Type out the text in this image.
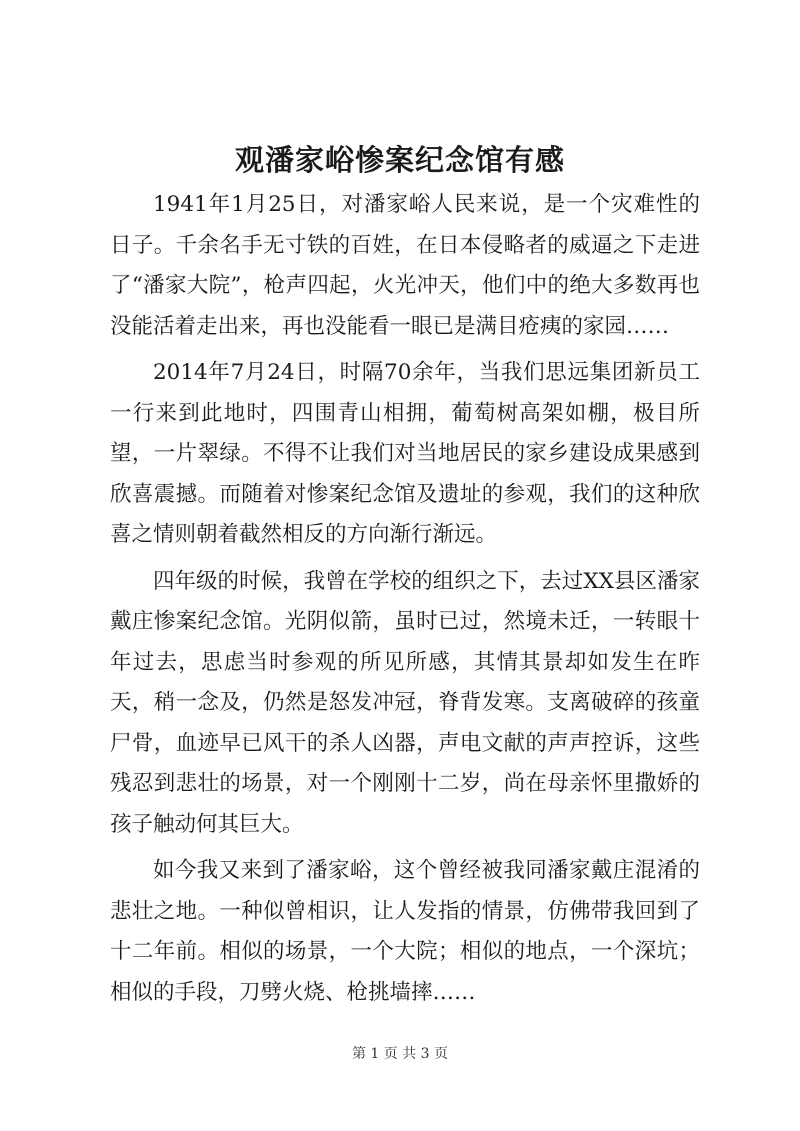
观潘家峪惨案纪念馆有感

1941年1月25日，对潘家峪人民来说，是一个灾难性的日子。千余名手无寸铁的百姓，在日本侵略者的威逼之下走进了“潘家大院”，枪声四起，火光冲天，他们中的绝大多数再也没能活着走出来，再也没能看一眼已是满目疮痍的家园……

2014年7月24日，时隔70余年，当我们思远集团新员工一行来到此地时，四围青山相拥，葡萄树高架如棚，极目所望，一片翠绿。不得不让我们对当地居民的家乡建设成果感到欣喜震撼。而随着对惨案纪念馆及遗址的参观，我们的这种欣喜之情则朝着截然相反的方向渐行渐远。

四年级的时候，我曾在学校的组织之下，去过XX县区潘家戴庄惨案纪念馆。光阴似箭，虽时已过，然境未迁，一转眼十年过去，思虑当时参观的所见所感，其情其景却如发生在昨天，稍一念及，仍然是怒发冲冠，脊背发寒。支离破碎的孩童尸骨，血迹早已风干的杀人凶器，声电文献的声声控诉，这些残忍到悲壮的场景，对一个刚刚十二岁，尚在母亲怀里撒娇的孩子触动何其巨大。

如今我又来到了潘家峪，这个曾经被我同潘家戴庄混淆的悲壮之地。一种似曾相识，让人发指的情景，仿佛带我回到了十二年前。相似的场景，一个大院；相似的地点，一个深坑；相似的手段，刀劈火烧、枪挑墙摔……

第 1 页 共 3 页
